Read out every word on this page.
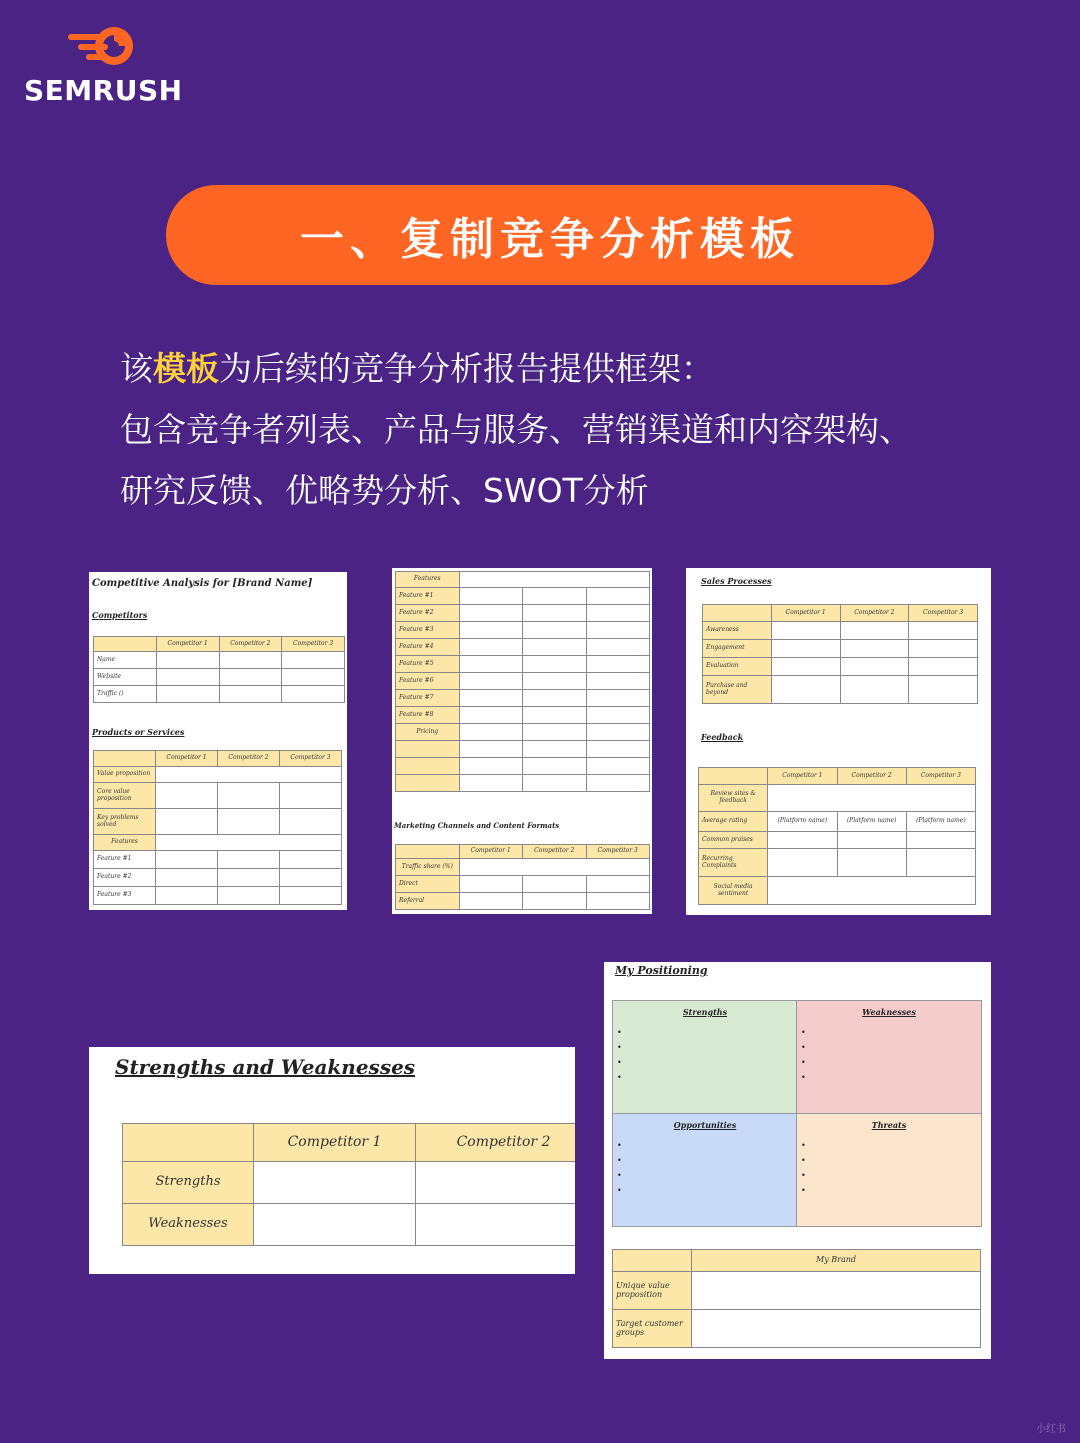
SEMRUSH
一、复制竞争分析模板
该模板为后续的竞争分析报告提供框架：
包含竞争者列表、产品与服务、营销渠道和内容架构、
研究反馈、优略势分析、SWOT分析
Competitive Analysis for [Brand Name]
Competitors
	Competitor 1	Competitor 2	Competitor 3
Name			
Website			
Traffic ()			
Products or Services
	Competitor 1	Competitor 2	Competitor 3
Value proposition			
Core value proposition			
Key problems solved			
Features			
Feature #1			
Feature #2			
Feature #3			
Features			
Feature #1			
Feature #2			
Feature #3			
Feature #4			
Feature #5			
Feature #6			
Feature #7			
Feature #8			
Pricing			

Marketing Channels and Content Formats
	Competitor 1	Competitor 2	Competitor 3
Traffic share (%)			
Direct			
Referral			
Sales Processes
	Competitor 1	Competitor 2	Competitor 3
Awareness			
Engagement			
Evaluation			
Purchase and beyond			
Feedback
	Competitor 1	Competitor 2	Competitor 3
Review sites & feedback			
Average rating	(Platform name)	(Platform name)	(Platform name)
Common praises			
Recurring Complaints			
Social media sentiment			
Strengths and Weaknesses
	Competitor 1	Competitor 2
Strengths		
Weaknesses		
My Positioning
Strengths
•
•
•
•
Weaknesses
•
•
•
•
Opportunities
•
•
•
•
Threats
•
•
•
•
	My Brand
Unique value proposition	
Target customer groups	
小红书
